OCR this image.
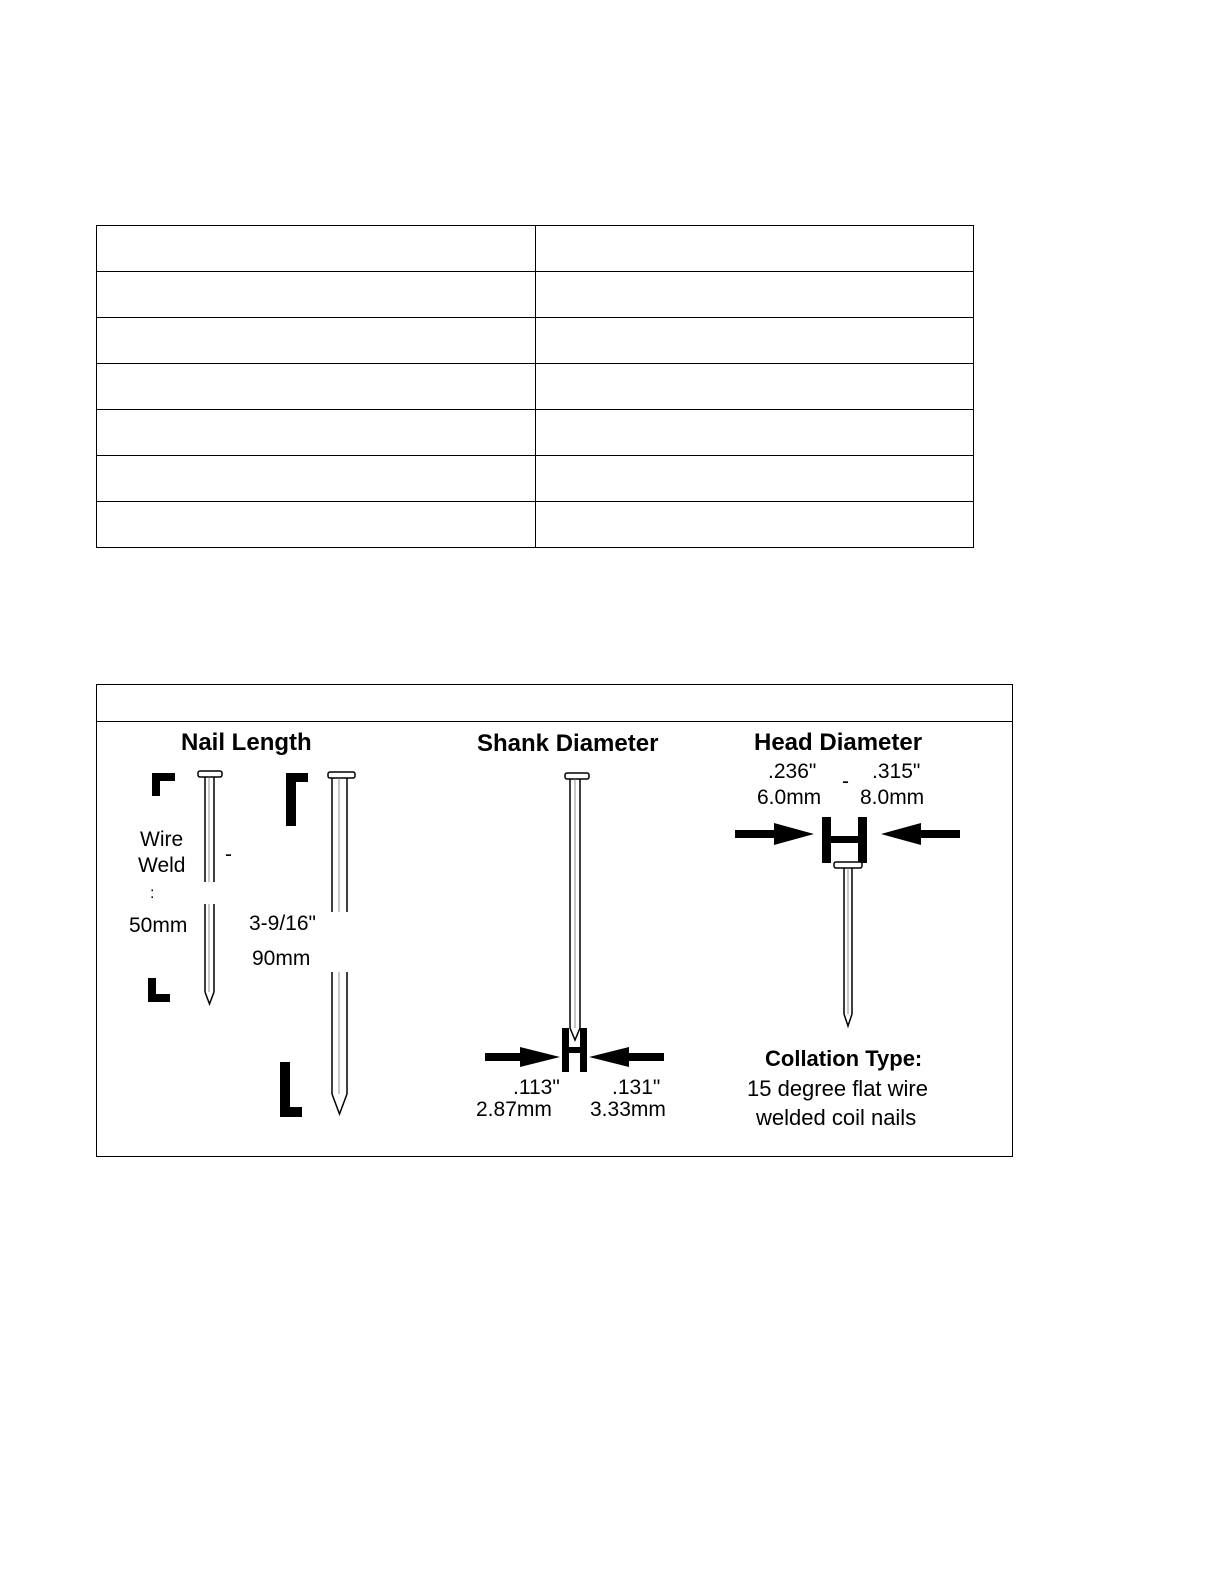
Nail Length
Wire
Weld -
:
50mm	3-9/16"
90mm
Shank Diameter
.113" .131"
2.87mm 3.33mm
Head Diameter
.236" - .315"
6.0mm 8.0mm
Collation Type:
15 degree flat wire
welded coil nails
